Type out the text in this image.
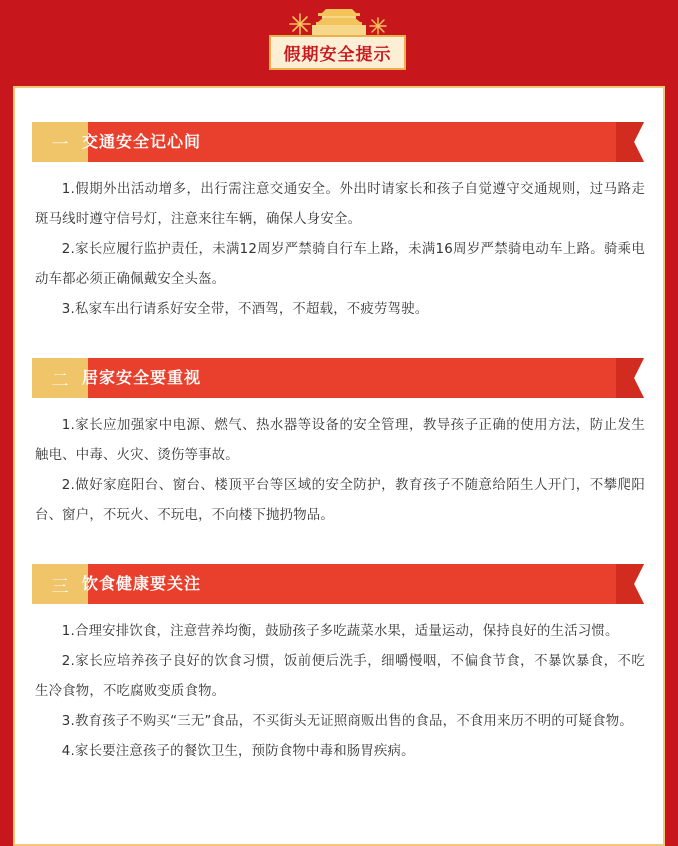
假期安全提示
一 交通安全记心间

1.假期外出活动增多，出行需注意交通安全。外出时请家长和孩子自觉遵守交通规则，过马路走斑马线时遵守信号灯，注意来往车辆，确保人身安全。

2.家长应履行监护责任，未满12周岁严禁骑自行车上路，未满16周岁严禁骑电动车上路。骑乘电动车都必须正确佩戴安全头盔。

3.私家车出行请系好安全带，不酒驾，不超载，不疲劳驾驶。

二 居家安全要重视

1.家长应加强家中电源、燃气、热水器等设备的安全管理，教导孩子正确的使用方法，防止发生触电、中毒、火灾、烫伤等事故。

2.做好家庭阳台、窗台、楼顶平台等区域的安全防护，教育孩子不随意给陌生人开门，不攀爬阳台、窗户，不玩火、不玩电，不向楼下抛扔物品。

三 饮食健康要关注

1.合理安排饮食，注意营养均衡，鼓励孩子多吃蔬菜水果，适量运动，保持良好的生活习惯。

2.家长应培养孩子良好的饮食习惯，饭前便后洗手，细嚼慢咽，不偏食节食，不暴饮暴食，不吃生冷食物，不吃腐败变质食物。

3.教育孩子不购买“三无”食品，不买街头无证照商贩出售的食品，不食用来历不明的可疑食物。

4.家长要注意孩子的餐饮卫生，预防食物中毒和肠胃疾病。
